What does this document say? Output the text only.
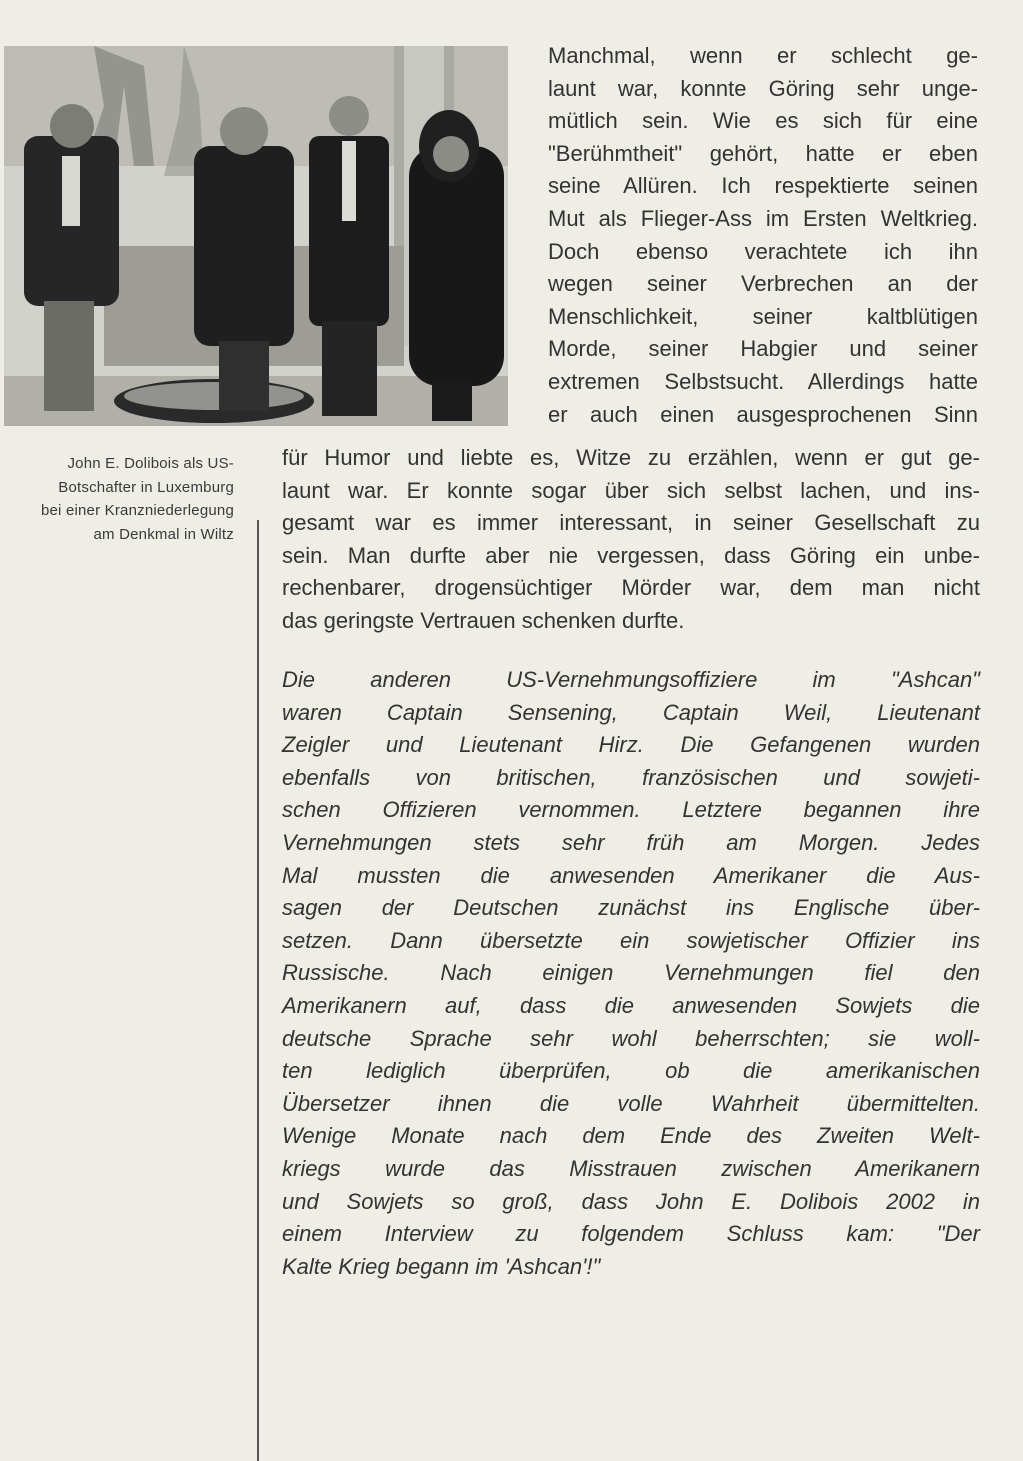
John E. Dolibois als US-
Botschafter in Luxemburg
bei einer Kranzniederlegung
am Denkmal in Wiltz
Manchmal, wenn er schlecht ge-
launt war, konnte Göring sehr unge-
mütlich sein. Wie es sich für eine
"Berühmtheit" gehört, hatte er eben
seine Allüren. Ich respektierte seinen
Mut als Flieger-Ass im Ersten Weltkrieg.
Doch ebenso verachtete ich ihn
wegen seiner Verbrechen an der
Menschlichkeit, seiner kaltblütigen
Morde, seiner Habgier und seiner
extremen Selbstsucht. Allerdings hatte
er auch einen ausgesprochenen Sinn
für Humor und liebte es, Witze zu erzählen, wenn er gut ge-
launt war. Er konnte sogar über sich selbst lachen, und ins-
gesamt war es immer interessant, in seiner Gesellschaft zu
sein. Man durfte aber nie vergessen, dass Göring ein unbe-
rechenbarer, drogensüchtiger Mörder war, dem man nicht
das geringste Vertrauen schenken durfte.
Die anderen US-Vernehmungsoffiziere im "Ashcan"
waren Captain Sensening, Captain Weil, Lieutenant
Zeigler und Lieutenant Hirz. Die Gefangenen wurden
ebenfalls von britischen, französischen und sowjeti-
schen Offizieren vernommen. Letztere begannen ihre
Vernehmungen stets sehr früh am Morgen. Jedes
Mal mussten die anwesenden Amerikaner die Aus-
sagen der Deutschen zunächst ins Englische über-
setzen. Dann übersetzte ein sowjetischer Offizier ins
Russische. Nach einigen Vernehmungen fiel den
Amerikanern auf, dass die anwesenden Sowjets die
deutsche Sprache sehr wohl beherrschten; sie woll-
ten lediglich überprüfen, ob die amerikanischen
Übersetzer ihnen die volle Wahrheit übermittelten.
Wenige Monate nach dem Ende des Zweiten Welt-
kriegs wurde das Misstrauen zwischen Amerikanern
und Sowjets so groß, dass John E. Dolibois 2002 in
einem Interview zu folgendem Schluss kam: "Der
Kalte Krieg begann im 'Ashcan'!"
